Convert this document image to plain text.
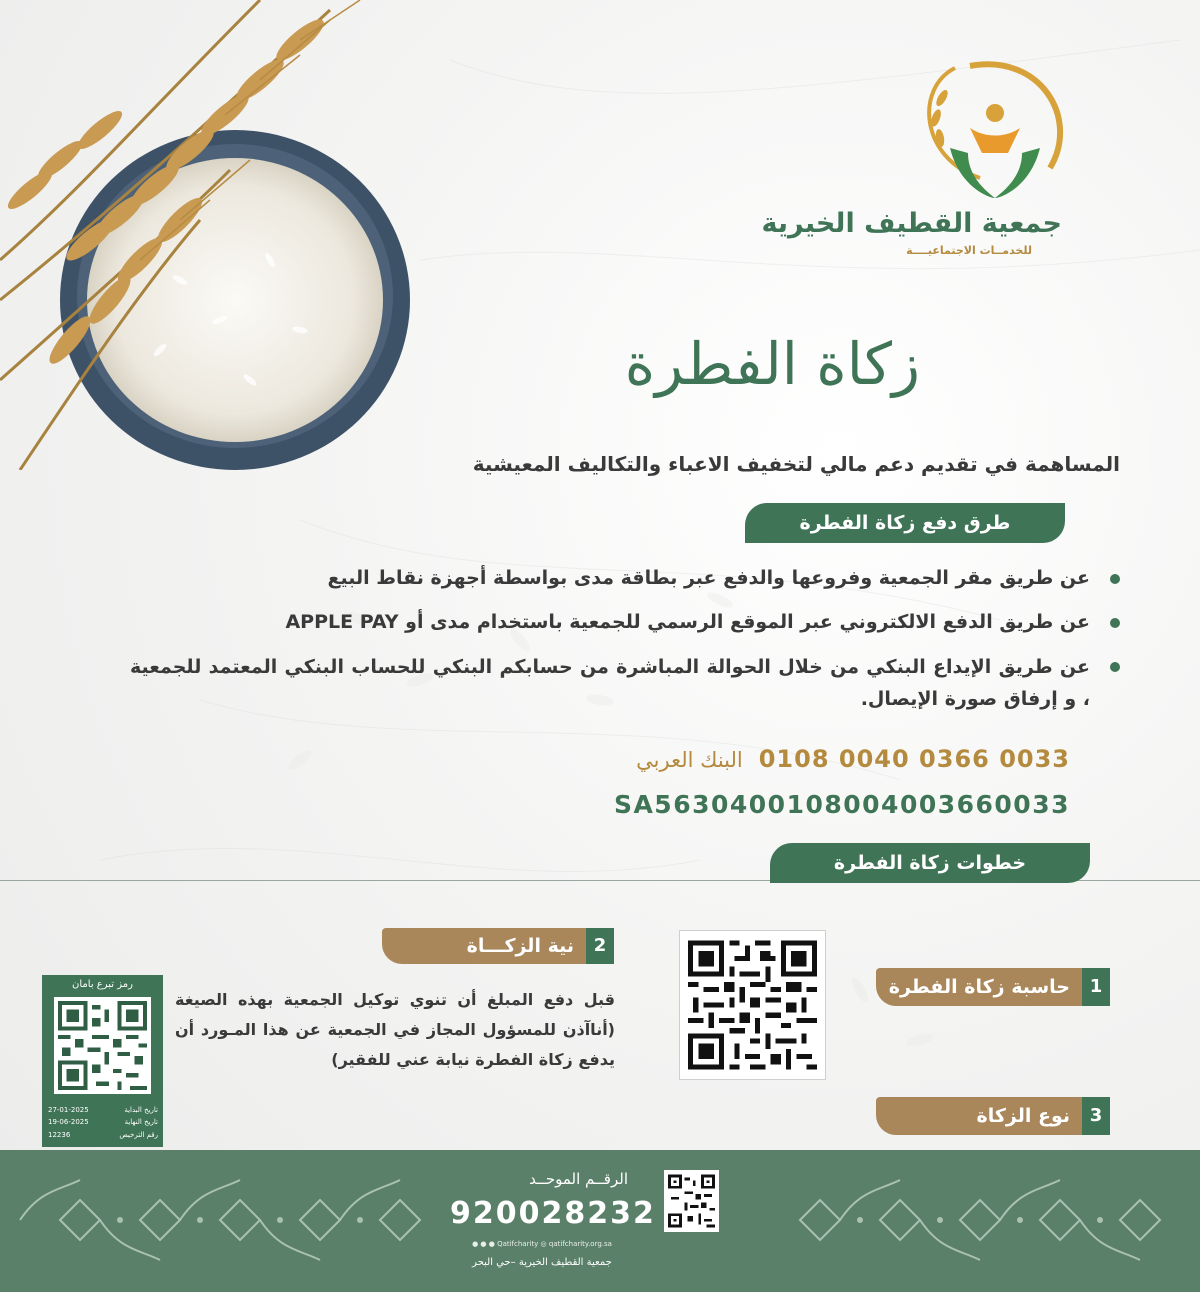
جمعية القطيف الخيرية
للخدمــات الاجتماعيــــة
زكاة الفطرة
المساهمة في تقديم دعم مالي لتخفيف الاعباء والتكاليف المعيشية
طرق دفع زكاة الفطرة
عن طريق مقر الجمعية وفروعها والدفع عبر بطاقة مدى بواسطة أجهزة نقاط البيع
عن طريق الدفع الالكتروني عبر الموقع الرسمي للجمعية باستخدام مدى أو APPLE PAY
عن طريق الإيداع البنكي من خلال الحوالة المباشرة من حسابكم البنكي للحساب البنكي المعتمد للجمعية ، و إرفاق صورة الإيصال.
0108 0040 0366 0033
البنك العربي
SA5630400108004003660033
خطوات زكاة الفطرة
2
نية الزكـــاة
قبل دفع المبلغ أن تنوي توكيل الجمعية بهذه الصيغة (أناآذن للمسؤول المجاز في الجمعية عن هذا المـورد أن يدفع زكاة الفطرة نيابة عني للفقير)
1
حاسبة زكاة الفطرة
3
نوع الزكاة
رمز تبرع بامان
تاريخ البداية
27-01-2025
تاريخ النهاية
19-06-2025
رقم الترخيص
12236
الرقــم الموحــد
920028232
● ● ● Qatifcharity ◎ qatifcharity.org.sa
جمعية القطيف الخيرية –حي البحر
